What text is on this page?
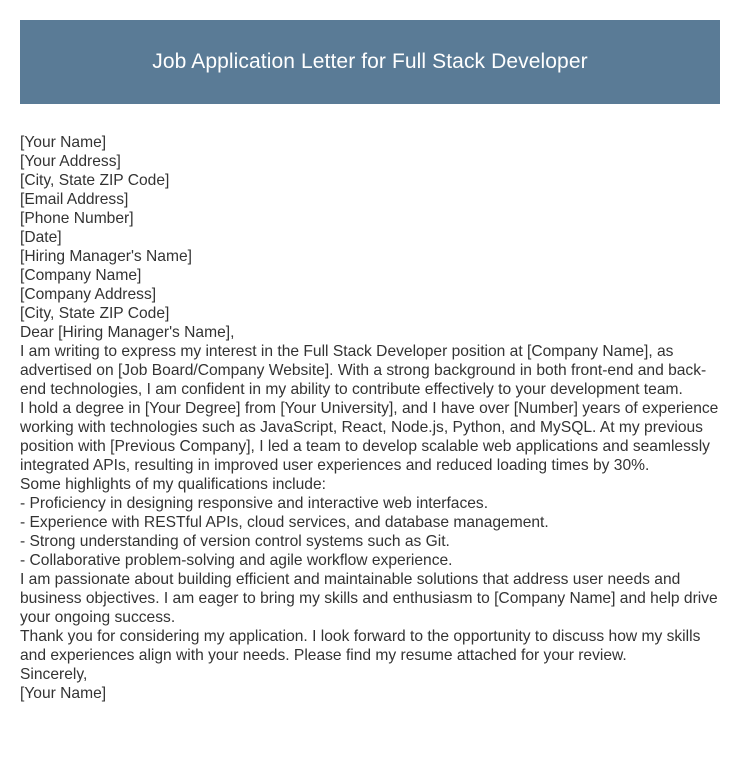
Job Application Letter for Full Stack Developer
[Your Name]
[Your Address]
[City, State ZIP Code]
[Email Address]
[Phone Number]
[Date]
[Hiring Manager's Name]
[Company Name]
[Company Address]
[City, State ZIP Code]
Dear [Hiring Manager's Name],

I am writing to express my interest in the Full Stack Developer position at [Company Name], as advertised on [Job Board/Company Website]. With a strong background in both front-end and back-end technologies, I am confident in my ability to contribute effectively to your development team.

I hold a degree in [Your Degree] from [Your University], and I have over [Number] years of experience working with technologies such as JavaScript, React, Node.js, Python, and MySQL. At my previous position with [Previous Company], I led a team to develop scalable web applications and seamlessly integrated APIs, resulting in improved user experiences and reduced loading times by 30%.

Some highlights of my qualifications include:
- Proficiency in designing responsive and interactive web interfaces.
- Experience with RESTful APIs, cloud services, and database management.
- Strong understanding of version control systems such as Git.
- Collaborative problem-solving and agile workflow experience.

I am passionate about building efficient and maintainable solutions that address user needs and business objectives. I am eager to bring my skills and enthusiasm to [Company Name] and help drive your ongoing success.

Thank you for considering my application. I look forward to the opportunity to discuss how my skills and experiences align with your needs. Please find my resume attached for your review.

Sincerely,
[Your Name]
